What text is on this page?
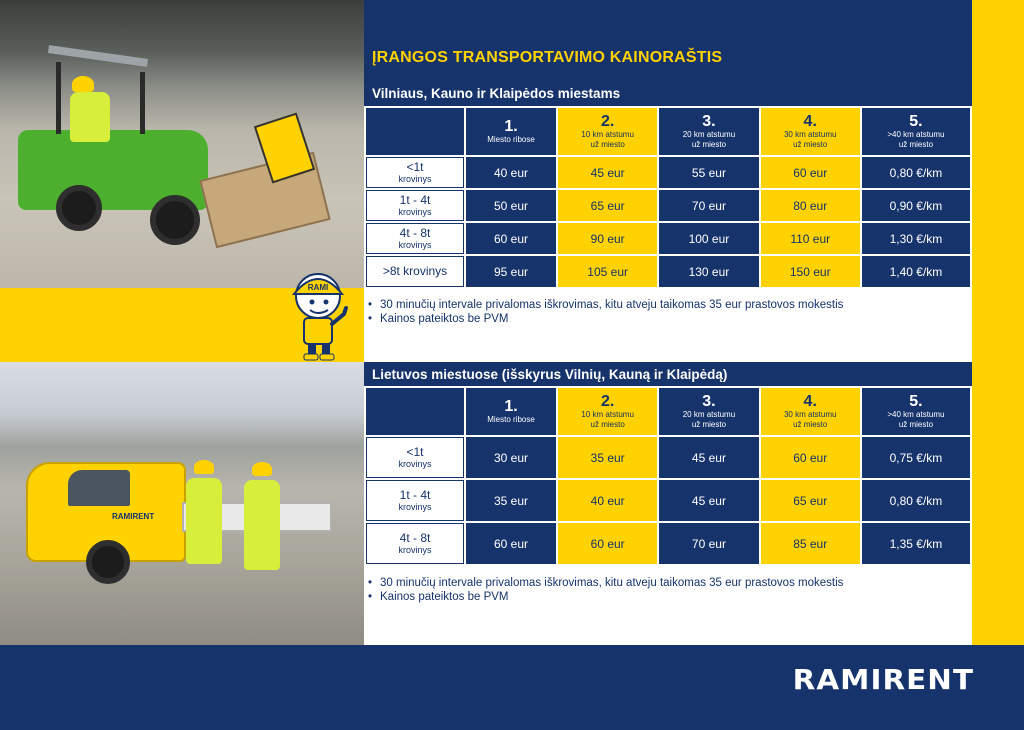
RAMI
RAMIRENT
ĮRANGOS TRANSPORTAVIMO KAINORAŠTIS
Vilniaus, Kauno ir Klaipėdos miestams

	1.
Miesto ribose	2.
10 km atstumu
už miesto	3.
20 km atstumu
už miesto	4.
30 km atstumu
už miesto	5.
>40 km atstumu
už miesto

<1t
krovinys	40 eur	45 eur	55 eur	60 eur	0,80 €/km

1t - 4t
krovinys	50 eur	65 eur	70 eur	80 eur	0,90 €/km

4t - 8t
krovinys	60 eur	90 eur	100 eur	110 eur	1,30 €/km

>8t krovinys	95 eur	105 eur	130 eur	150 eur	1,40 €/km
• 30 minučių intervale privalomas iškrovimas, kitu atveju taikomas 35 eur prastovos mokestis
• Kainos pateiktos be PVM
Lietuvos miestuose (išskyrus Vilnių, Kauną ir Klaipėdą)

	1.
Miesto ribose	2.
10 km atstumu
už miesto	3.
20 km atstumu
už miesto	4.
30 km atstumu
už miesto	5.
>40 km atstumu
už miesto

<1t
krovinys	30 eur	35 eur	45 eur	60 eur	0,75 €/km

1t - 4t
krovinys	35 eur	40 eur	45 eur	65 eur	0,80 €/km

4t - 8t
krovinys	60 eur	60 eur	70 eur	85 eur	1,35 €/km
• 30 minučių intervale privalomas iškrovimas, kitu atveju taikomas 35 eur prastovos mokestis
• Kainos pateiktos be PVM
RAMIRENT
